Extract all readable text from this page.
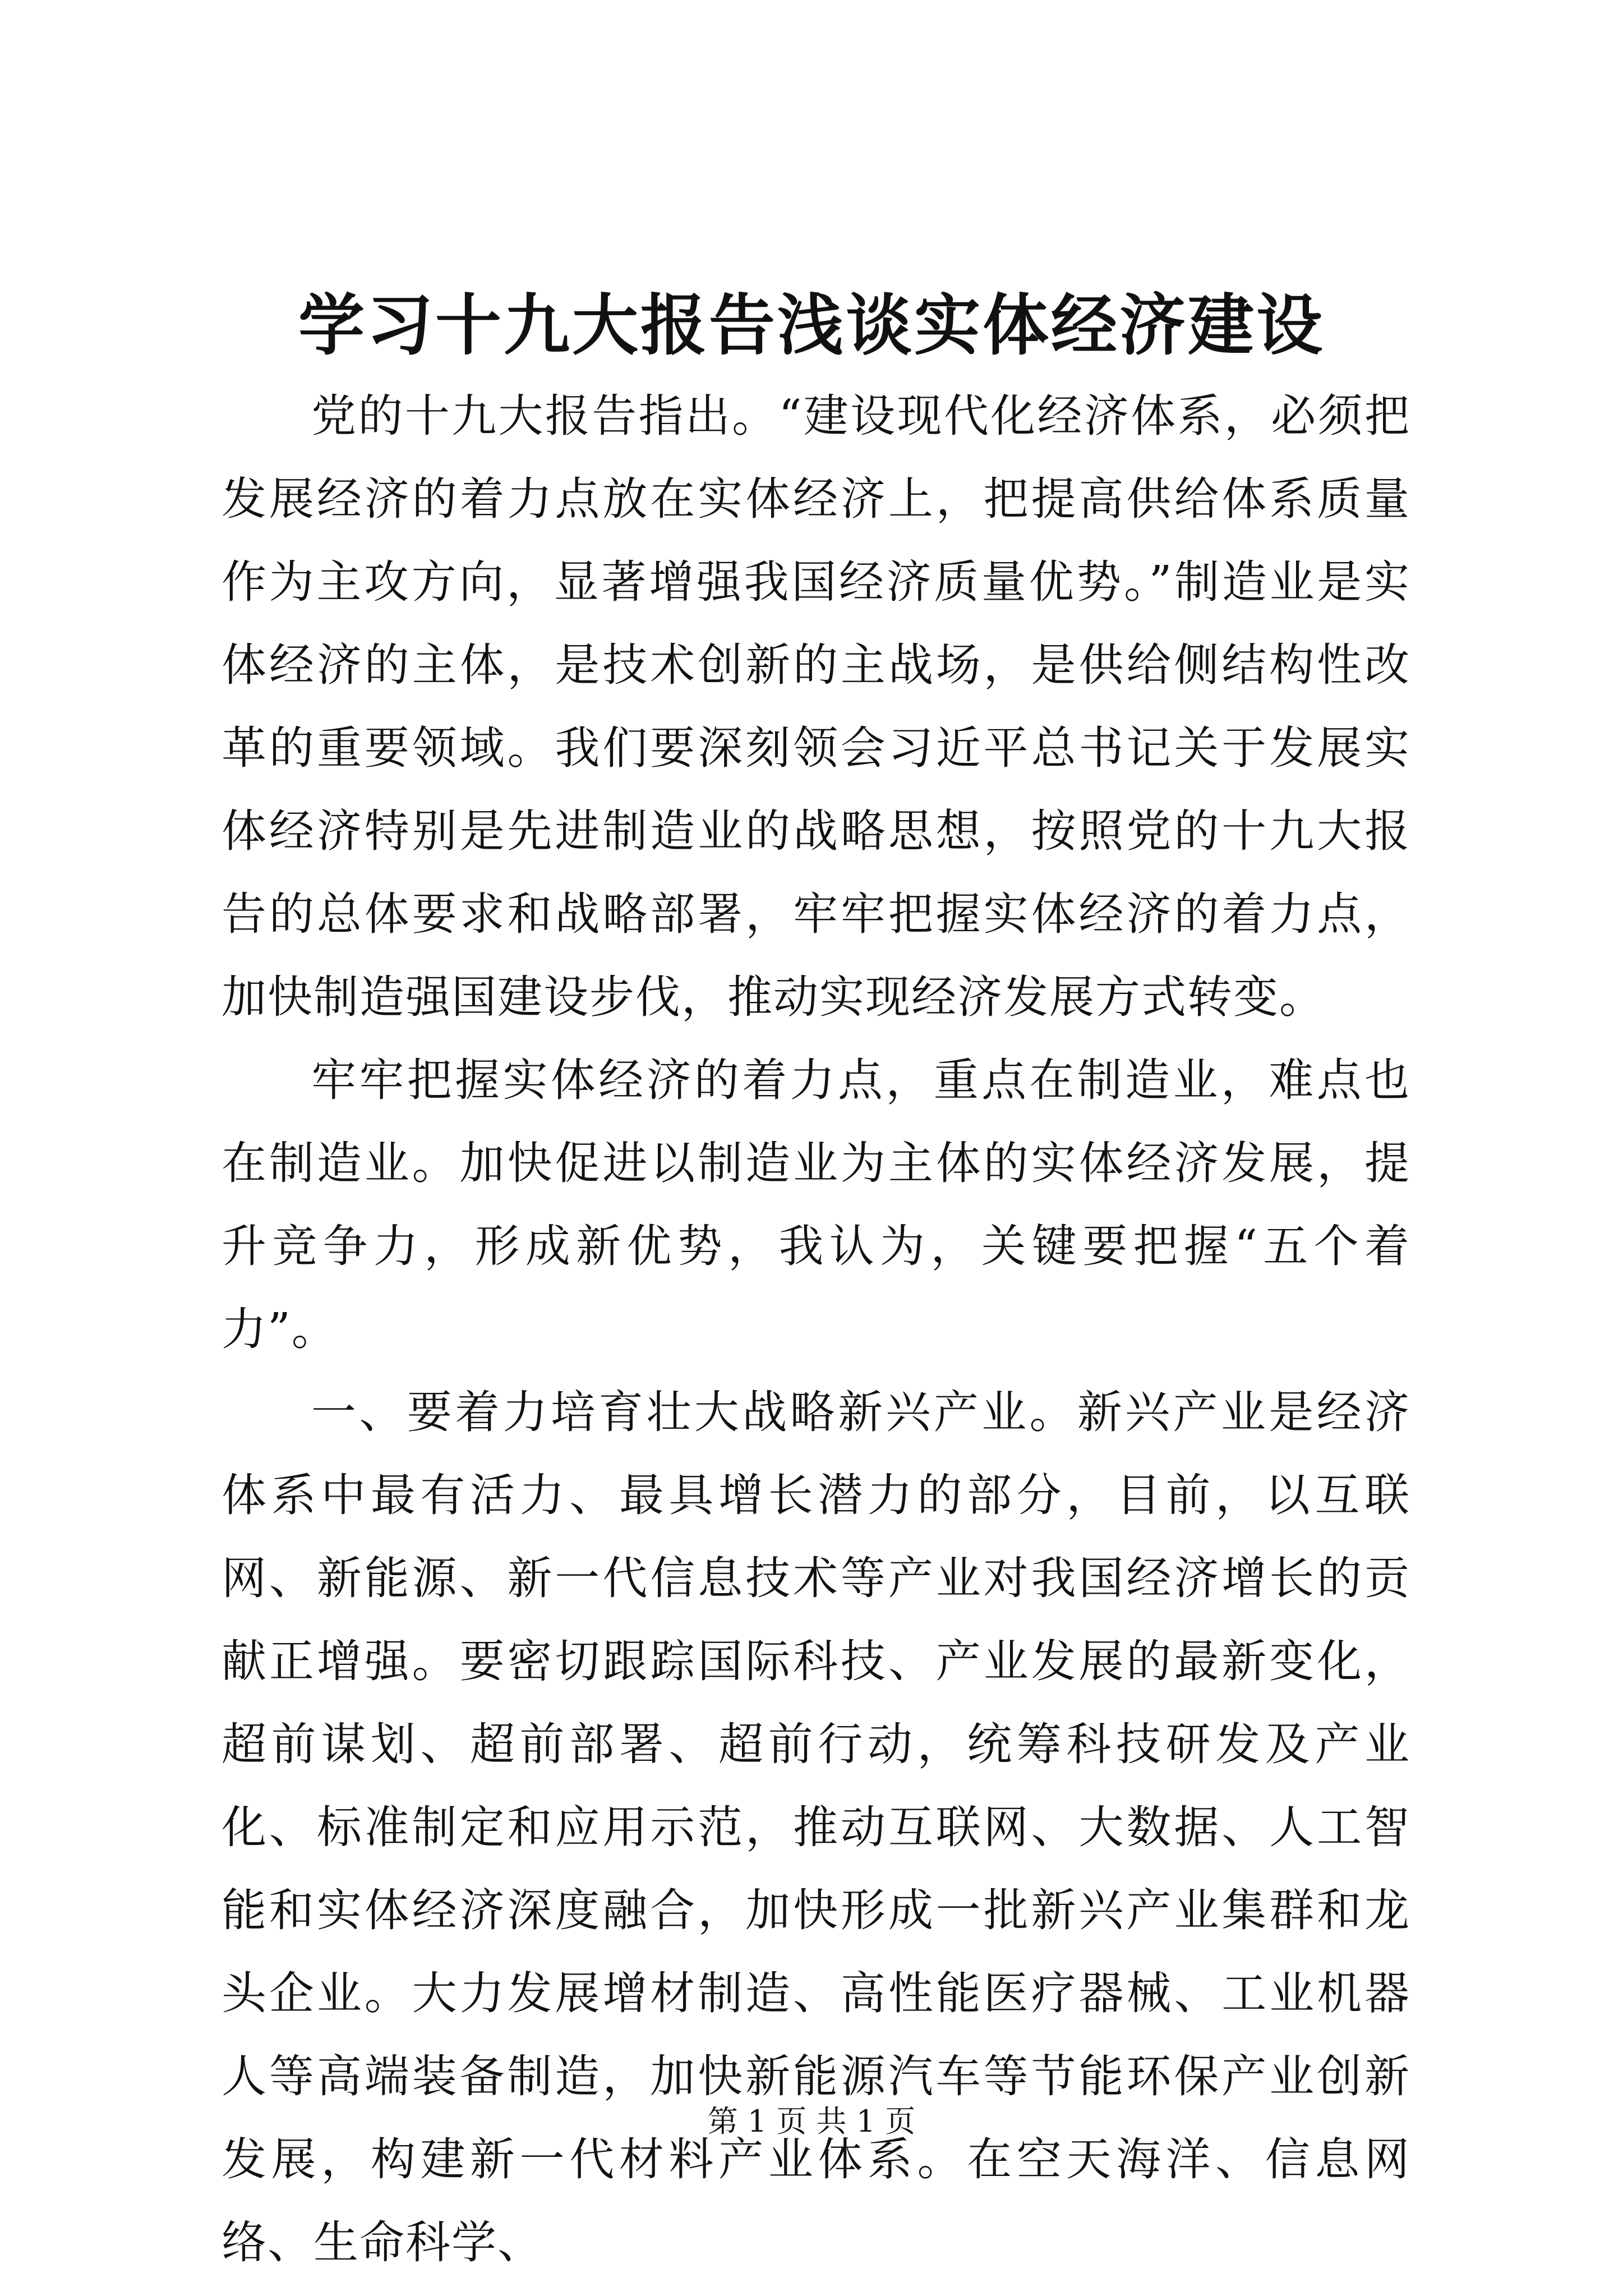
学习十九大报告浅谈实体经济建设

党的十九大报告指出。“建设现代化经济体系，必须把发展经济的着力点放在实体经济上，把提高供给体系质量作为主攻方向，显著增强我国经济质量优势。”制造业是实体经济的主体，是技术创新的主战场，是供给侧结构性改革的重要领域。我们要深刻领会习近平总书记关于发展实体经济特别是先进制造业的战略思想，按照党的十九大报告的总体要求和战略部署，牢牢把握实体经济的着力点，加快制造强国建设步伐，推动实现经济发展方式转变。

牢牢把握实体经济的着力点，重点在制造业，难点也在制造业。加快促进以制造业为主体的实体经济发展，提升竞争力，形成新优势，我认为，关键要把握“五个着力”。

一、要着力培育壮大战略新兴产业。新兴产业是经济体系中最有活力、最具增长潜力的部分，目前，以互联网、新能源、新一代信息技术等产业对我国经济增长的贡献正增强。要密切跟踪国际科技、产业发展的最新变化，超前谋划、超前部署、超前行动，统筹科技研发及产业化、标准制定和应用示范，推动互联网、大数据、人工智能和实体经济深度融合，加快形成一批新兴产业集群和龙头企业。大力发展增材制造、高性能医疗器械、工业机器人等高端装备制造，加快新能源汽车等节能环保产业创新发展，构建新一代材料产业体系。在空天海洋、信息网络、生命科学、

第 1 页 共 1 页
